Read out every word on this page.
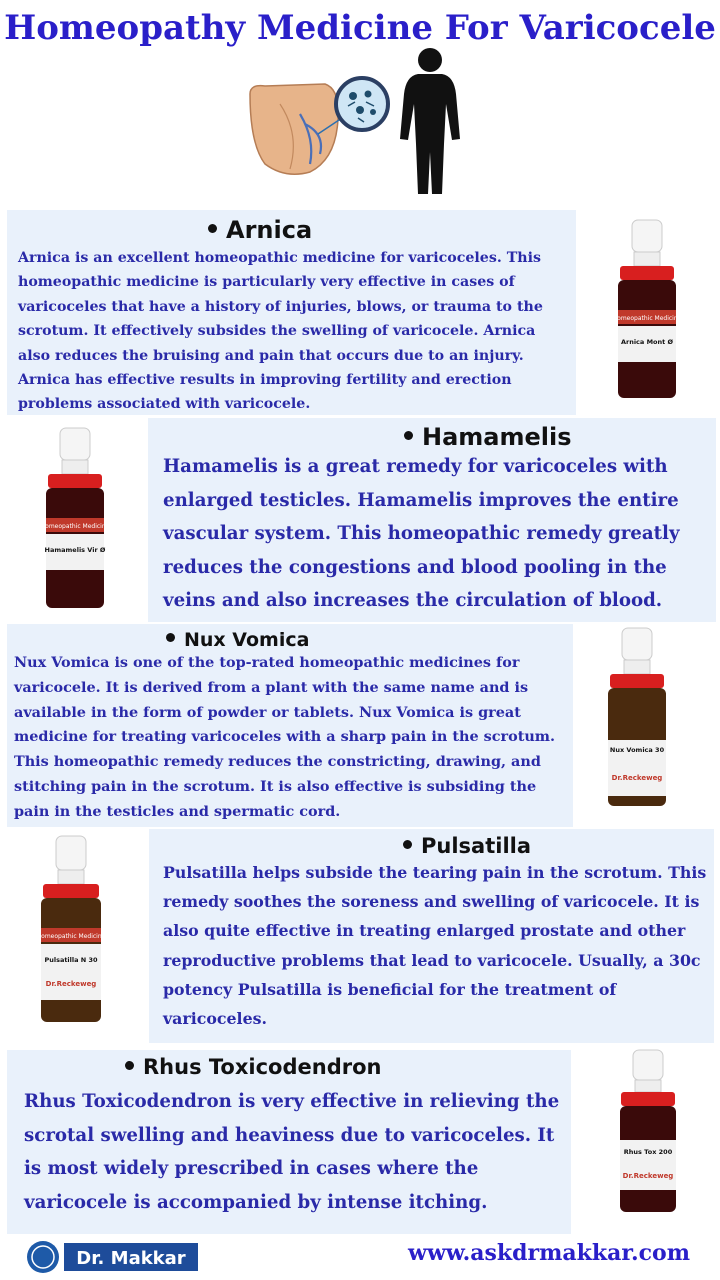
Homeopathy Medicine For Varicocele
Arnica
Arnica is an excellent homeopathic medicine for varicoceles. This homeopathic medicine is particularly very effective in cases of varicoceles that have a history of injuries, blows, or trauma to the scrotum. It effectively subsides the swelling of varicocele. Arnica also reduces the bruising and pain that occurs due to an injury. Arnica has effective results in improving fertility and erection problems associated with varicocele.
Homeopathic Medicine
Arnica Mont Ø
Hamamelis
Hamamelis is a great remedy for varicoceles with enlarged testicles. Hamamelis improves the entire vascular system. This homeopathic remedy greatly reduces the congestions and blood pooling in the veins and also increases the circulation of blood.
Homeopathic Medicine
Hamamelis Vir Ø
Nux Vomica
Nux Vomica is one of the top-rated homeopathic medicines for varicocele. It is derived from a plant with the same name and is available in the form of powder or tablets. Nux Vomica is great medicine for treating varicoceles with a sharp pain in the scrotum. This homeopathic remedy reduces the constricting, drawing, and stitching pain in the scrotum. It is also effective is subsiding the pain in the testicles and spermatic cord.
Nux Vomica 30
Dr.Reckeweg
Pulsatilla
Pulsatilla helps subside the tearing pain in the scrotum. This remedy soothes the soreness and swelling of varicocele. It is also quite effective in treating enlarged prostate and other reproductive problems that lead to varicocele. Usually, a 30c potency Pulsatilla is beneficial for the treatment of varicoceles.
Homeopathic Medicine
Pulsatilla N 30
Dr.Reckeweg
Rhus Toxicodendron
Rhus Toxicodendron is very effective in relieving the scrotal swelling and heaviness due to varicoceles. It is most widely prescribed in cases where the varicocele is accompanied by intense itching.
Rhus Tox 200
Dr.Reckeweg
Dr. Makkar	www.askdrmakkar.com
